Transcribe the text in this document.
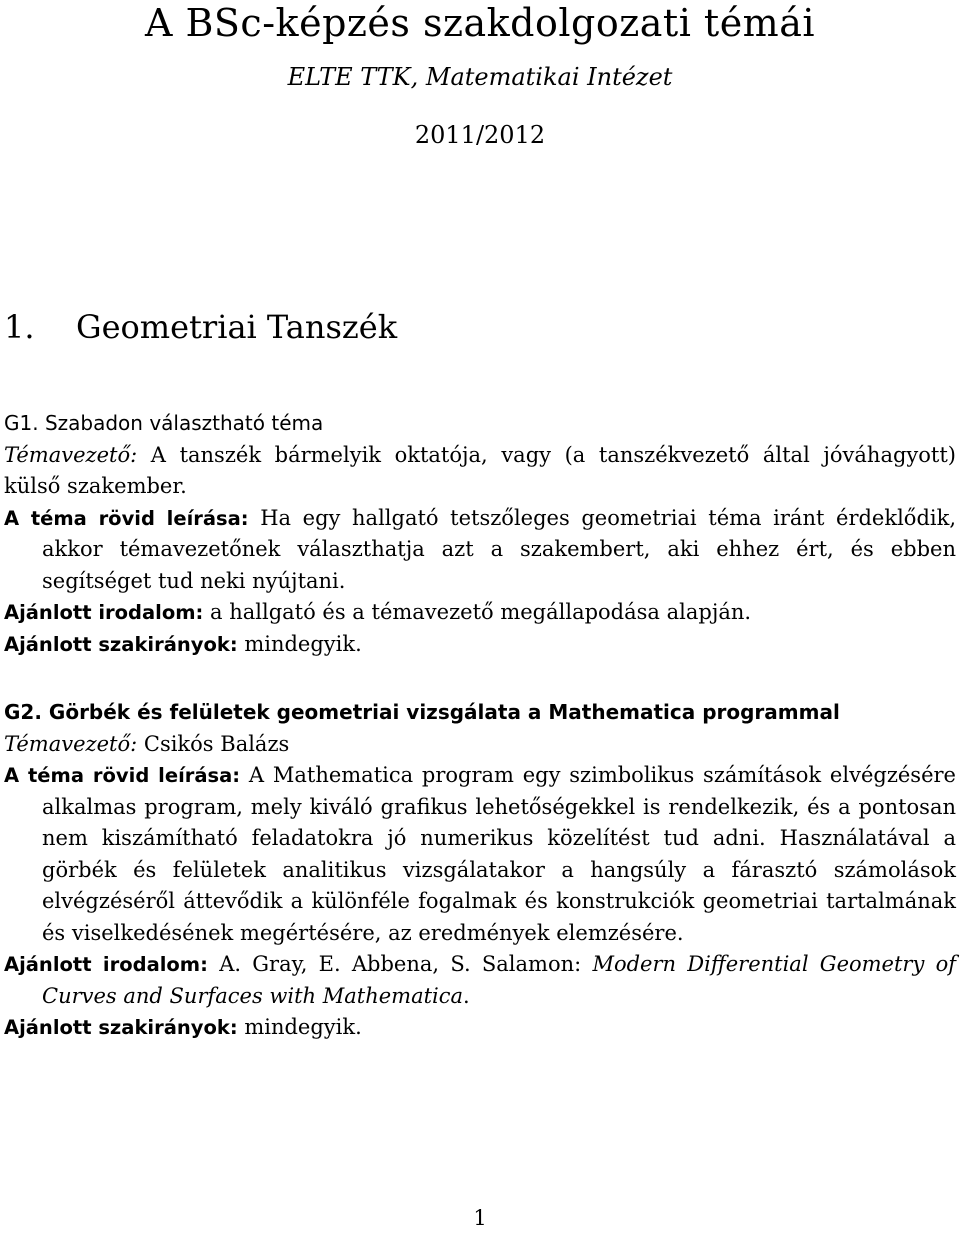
A BSc-képzés szakdolgozati témái
ELTE TTK, Matematikai Intézet
2011/2012
1. Geometriai Tanszék
G1. Szabadon választható téma

Témavezető: A tanszék bármelyik oktatója, vagy (a tanszékvezető által jóváhagyott) külső szakember.

A téma rövid leírása: Ha egy hallgató tetszőleges geometriai téma iránt érdeklődik, akkor témavezetőnek választhatja azt a szakembert, aki ehhez ért, és ebben segítséget tud neki nyújtani.

Ajánlott irodalom: a hallgató és a témavezető megállapodása alapján.

Ajánlott szakirányok: mindegyik.

G2. Görbék és felületek geometriai vizsgálata a Mathematica programmal

Témavezető: Csikós Balázs

A téma rövid leírása: A Mathematica program egy szimbolikus számítások elvégzésére alkalmas program, mely kiváló grafikus lehetőségekkel is rendelkezik, és a pontosan nem kiszámítható feladatokra jó numerikus közelítést tud adni. Használatával a görbék és felületek analitikus vizsgálatakor a hangsúly a fárasztó számolások elvégzéséről áttevődik a különféle fogalmak és konstrukciók geometriai tartalmának és viselkedésének megértésére, az eredmények elemzésére.

Ajánlott irodalom: A. Gray, E. Abbena, S. Salamon: Modern Differential Geometry of Curves and Surfaces with Mathematica.

Ajánlott szakirányok: mindegyik.

1
